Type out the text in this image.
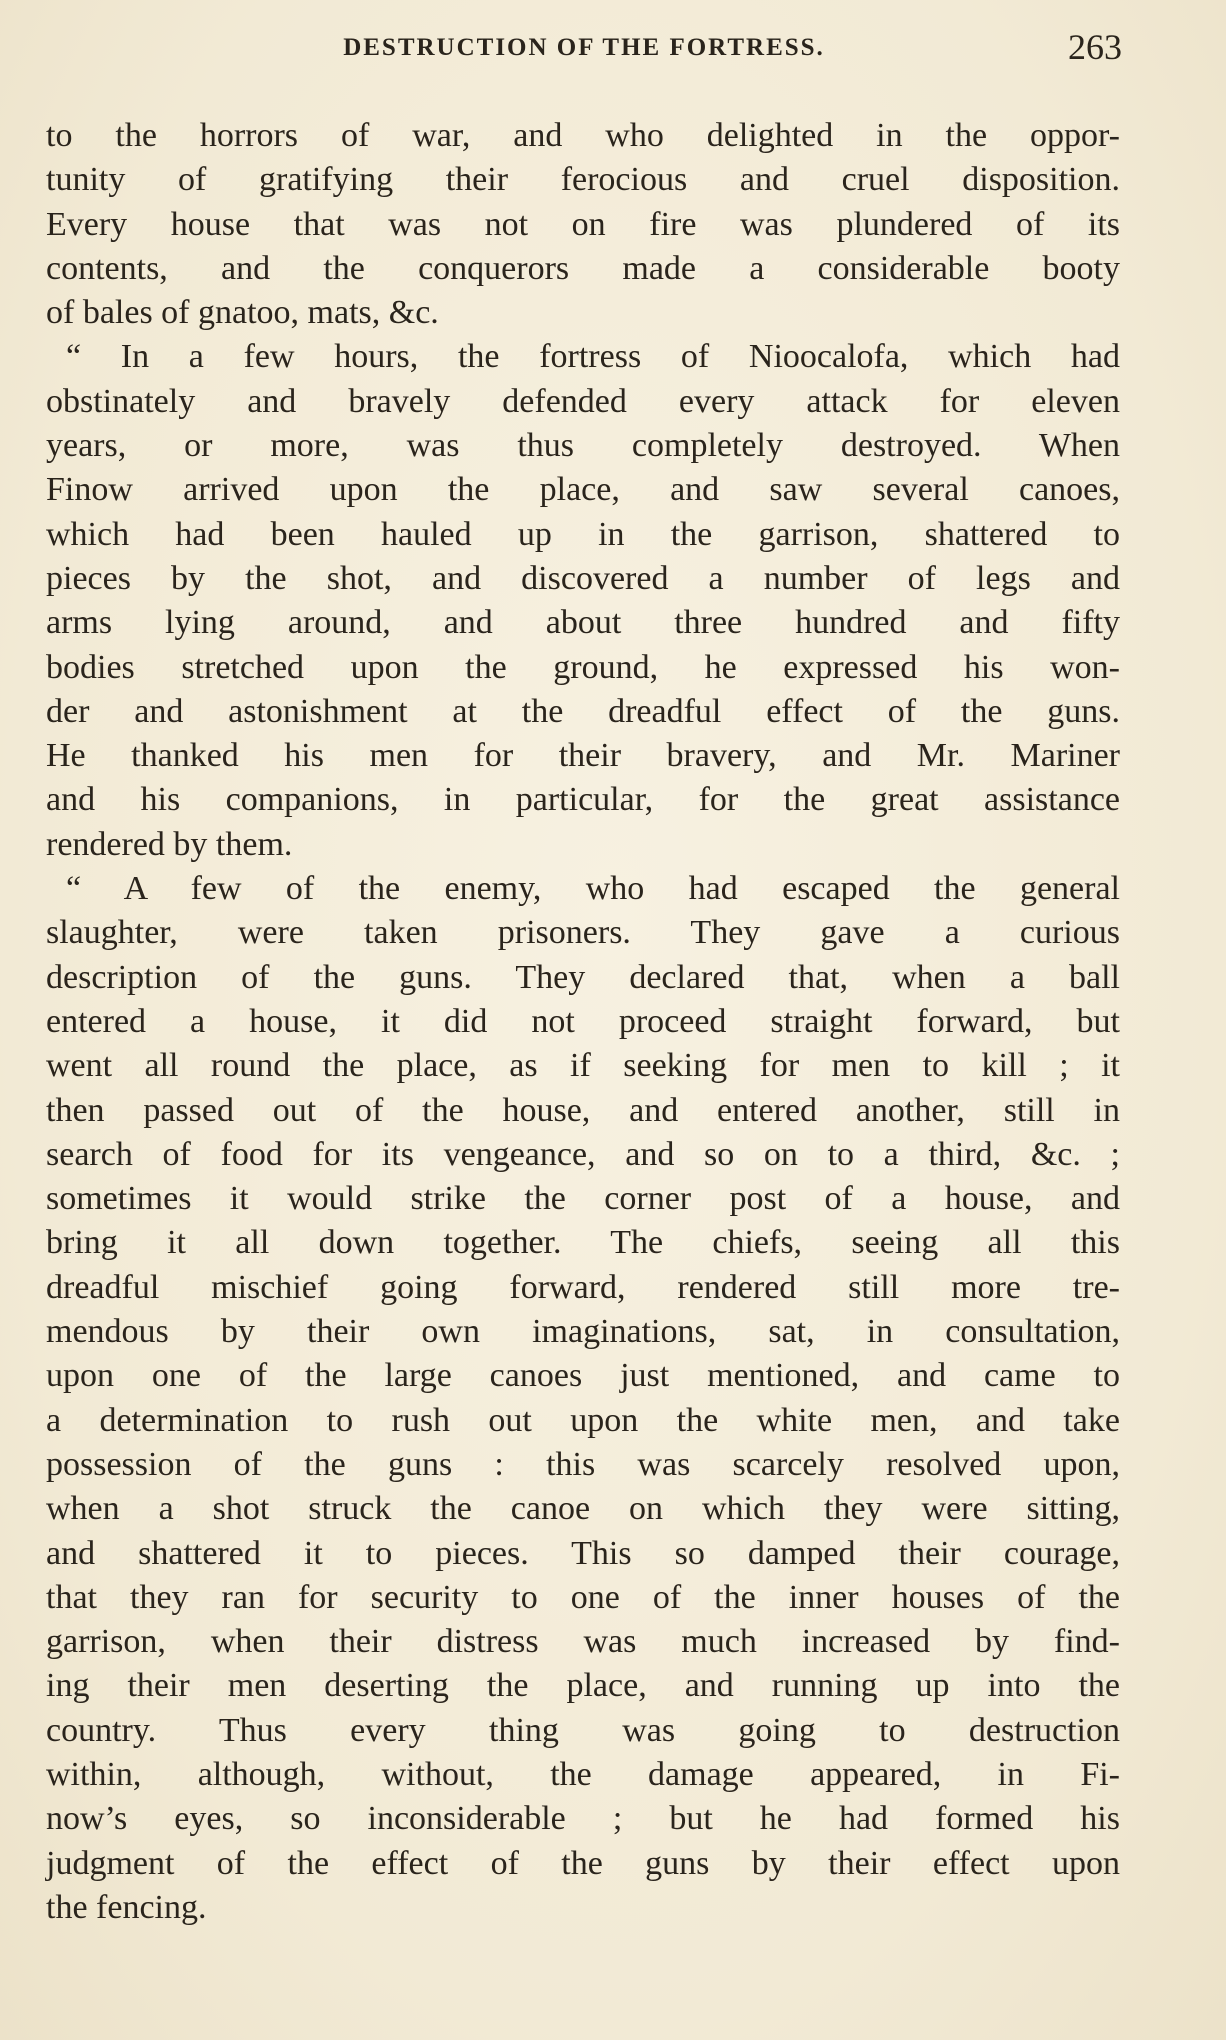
DESTRUCTION OF THE FORTRESS.	263
to the horrors of war, and who delighted in the oppor-
tunity of gratifying their ferocious and cruel disposition.
Every house that was not on fire was plundered of its
contents, and the conquerors made a considerable booty
of bales of gnatoo, mats, &c.
“ In a few hours, the fortress of Nioocalofa, which had
obstinately and bravely defended every attack for eleven
years, or more, was thus completely destroyed. When
Finow arrived upon the place, and saw several canoes,
which had been hauled up in the garrison, shattered to
pieces by the shot, and discovered a number of legs and
arms lying around, and about three hundred and fifty
bodies stretched upon the ground, he expressed his won-
der and astonishment at the dreadful effect of the guns.
He thanked his men for their bravery, and Mr. Mariner
and his companions, in particular, for the great assistance
rendered by them.
“ A few of the enemy, who had escaped the general
slaughter, were taken prisoners. They gave a curious
description of the guns. They declared that, when a ball
entered a house, it did not proceed straight forward, but
went all round the place, as if seeking for men to kill ; it
then passed out of the house, and entered another, still in
search of food for its vengeance, and so on to a third, &c. ;
sometimes it would strike the corner post of a house, and
bring it all down together. The chiefs, seeing all this
dreadful mischief going forward, rendered still more tre-
mendous by their own imaginations, sat, in consultation,
upon one of the large canoes just mentioned, and came to
a determination to rush out upon the white men, and take
possession of the guns : this was scarcely resolved upon,
when a shot struck the canoe on which they were sitting,
and shattered it to pieces. This so damped their courage,
that they ran for security to one of the inner houses of the
garrison, when their distress was much increased by find-
ing their men deserting the place, and running up into the
country. Thus every thing was going to destruction
within, although, without, the damage appeared, in Fi-
now’s eyes, so inconsiderable ; but he had formed his
judgment of the effect of the guns by their effect upon
the fencing.
